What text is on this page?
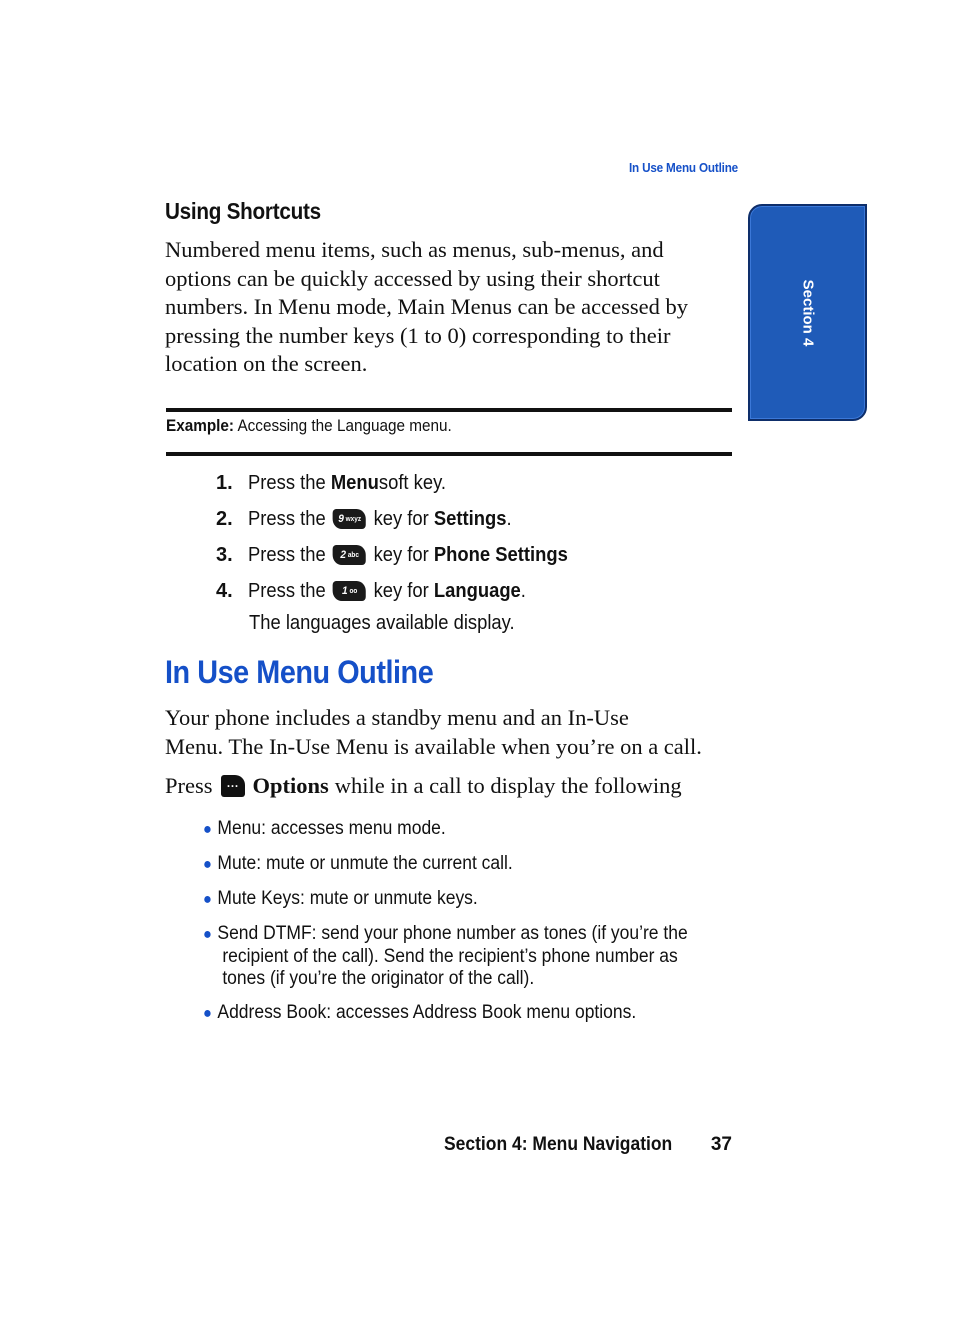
In Use Menu Outline
Section 4
Using Shortcuts
Numbered menu items, such as menus, sub-menus, and
options can be quickly accessed by using their shortcut
numbers. In Menu mode, Main Menus can be accessed by
pressing the number keys (1 to 0) corresponding to their
location on the screen.
Example: Accessing the Language menu.
1. Press the Menu soft key.
2. Press the 9 wxyz key for Settings .
3. Press the 2 abc key for Phone Settings
4. Press the 1 oo key for Language .
The languages available display.
In Use Menu Outline
Your phone includes a standby menu and an In-Use
Menu. The In-Use Menu is available when you’re on a call.
Press	··· Options while in a call to display the following
● Menu: accesses menu mode.
● Mute: mute or unmute the current call.
● Mute Keys: mute or unmute keys.
● Send DTMF: send your phone number as tones (if you’re the
recipient of the call). Send the recipient’s phone number as
tones (if you’re the originator of the call).
● Address Book: accesses Address Book menu options.
Section 4: Menu Navigation 37
